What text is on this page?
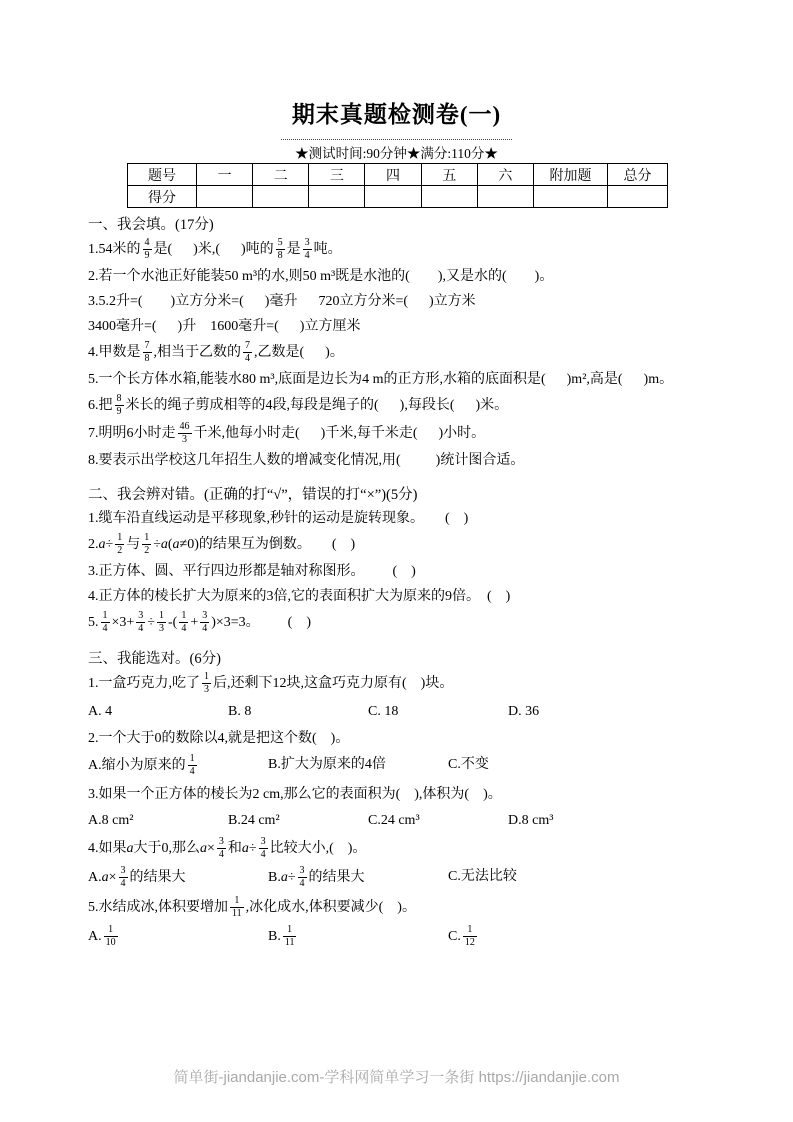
期末真题检测卷(一)
★测试时间:90分钟★满分:110分★
题号	一	二	三	四	五	六	附加题	总分
得分								
一、我会填。(17分)
1.54米的 $\frac{4}{9}$ 是(      )米,(      )吨的 $\frac{5}{8}$ 是 $\frac{3}{4}$ 吨。
2.若一个水池正好能装50 m³的水,则50 m³既是水池的(        ),又是水的(        )。
3.5.2升=(        )立方分米=(      )毫升      720立方分米=(      )立方米
3400毫升=(      )升    1600毫升=(      )立方厘米
4.甲数是 $\frac{7}{8}$ ,相当于乙数的 $\frac{7}{4}$ ,乙数是(      )。
5.一个长方体水箱,能装水80 m³,底面是边长为4 m的正方形,水箱的底面积是(      )m²,高是(      )m。
6.把 $\frac{8}{9}$ 米长的绳子剪成相等的4段,每段是绳子的(      ),每段长(      )米。
7.明明6小时走 $\frac{46}{3}$ 千米,他每小时走(      )千米,每千米走(      )小时。
8.要表示出学校这几年招生人数的增减变化情况,用(          )统计图合适。
二、我会辨对错。(正确的打“√”，错误的打“×”)(5分)
1.缆车沿直线运动是平移现象,秒针的运动是旋转现象。      (    )
$2.a\div \frac{1}{2}$ 与 $\frac{1}{2} \div a(a\ne 0)$的结果互为倒数。      (    )
3.正方体、圆、平行四边形都是轴对称图形。        (    )
4.正方体的棱长扩大为原来的3倍,它的表面积扩大为原来的9倍。  (    )
5. $\frac{1}{4} \times 3+ \frac{3}{4} \div \frac{1}{3}$ -( $\frac{1}{4} + \frac{3}{4} )\times 3=3$。        (    )
三、我能选对。(6分)
1.一盒巧克力,吃了 $\frac{1}{3}$ 后,还剩下12块,这盒巧克力原有(    )块。
A. 4	B. 8	C. 18	D. 36
2.一个大于0的数除以4,就是把这个数(    )。
A.缩小为原来的 $\frac{1}{4}$	B.扩大为原来的4倍	C.不变
3.如果一个正方体的棱长为2 cm,那么它的表面积为(    ),体积为(    )。
A.8 cm²	B.24 cm²	C.24 cm³	D.8 cm³
4.如果a大于0,那么$a\times \frac{3}{4}$ 和$a\div \frac{3}{4}$ 比较大小,(    )。
$A.a\times \frac{3}{4}$ 的结果大	$B.a\div \frac{3}{4}$ 的结果大	C.无法比较
5.水结成冰,体积要增加 $\frac{1}{11}$ ,冰化成水,体积要减少(    )。
A. $\frac{1}{10}$	B. $\frac{1}{11}$	C. $\frac{1}{12}$
简单街-jiandanjie.com-学科网简单学习一条街 https://jiandanjie.com
